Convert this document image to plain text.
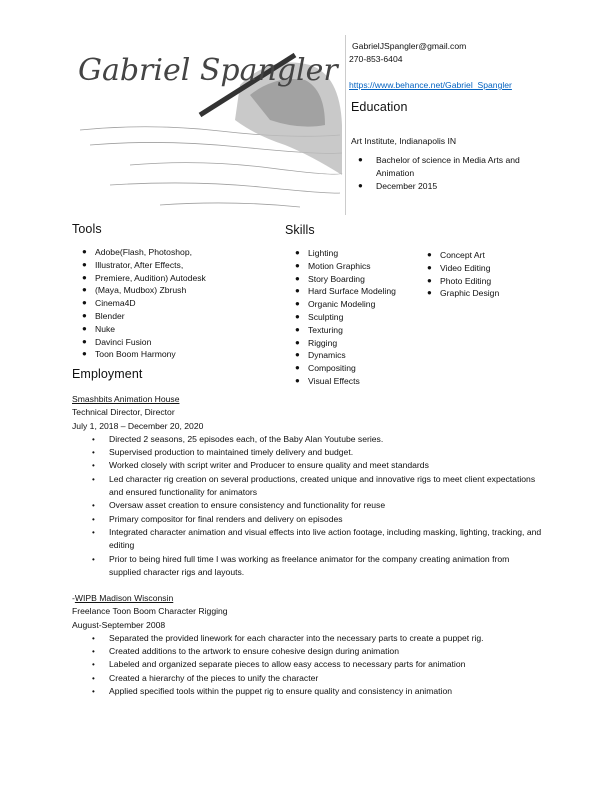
Gabriel Spangler
GabrielJSpangler@gmail.com
270-853-6404
https://www.behance.net/Gabriel_Spangler
Education
Art Institute, Indianapolis IN
● Bachelor of science in Media Arts and Animation
● December 2015
Tools
● Adobe(Flash, Photoshop,
● Illustrator, After Effects,
● Premiere, Audition) Autodesk
● (Maya, Mudbox) Zbrush
● Cinema4D
● Blender
● Nuke
● Davinci Fusion
● Toon Boom Harmony
Skills
● Lighting
● Motion Graphics
● Story Boarding
● Hard Surface Modeling
● Organic Modeling
● Sculpting
● Texturing
● Rigging
● Dynamics
● Compositing
● Visual Effects
● Concept Art
● Video Editing
● Photo Editing
● Graphic Design
Employment
Smashbits Animation House
Technical Director, Director
July 1, 2018 – December 20, 2020
• Directed 2 seasons, 25 episodes each, of the Baby Alan Youtube series.
• Supervised production to maintained timely delivery and budget.
• Worked closely with script writer and Producer to ensure quality and meet standards
• Led character rig creation on several productions, created unique and innovative rigs to meet client expectations and ensured functionality for animators
• Oversaw asset creation to ensure consistency and functionality for reuse
• Primary compositor for final renders and delivery on episodes
• Integrated character animation and visual effects into live action footage, including masking, lighting, tracking, and editing
• Prior to being hired full time I was working as freelance animator for the company creating animation from supplied character rigs and layouts.
-WIPB Madison Wisconsin
Freelance Toon Boom Character Rigging
August-September 2008
• Separated the provided linework for each character into the necessary parts to create a puppet rig.
• Created additions to the artwork to ensure cohesive design during animation
• Labeled and organized separate pieces to allow easy access to necessary parts for animation
• Created a hierarchy of the pieces to unify the character
• Applied specified tools within the puppet rig to ensure quality and consistency in animation
